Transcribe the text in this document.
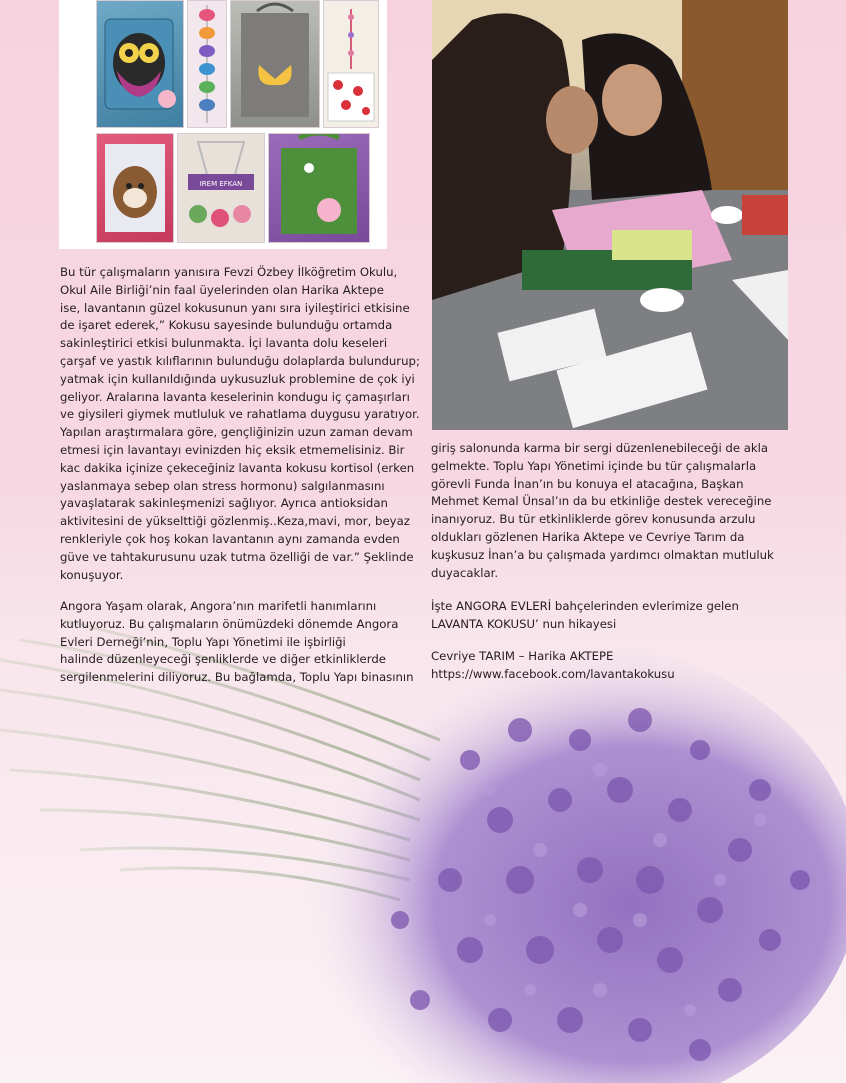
IREM EFKAN

Bu tür çalışmaların yanısıra Fevzi Özbey İlköğretim Okulu,
Okul Aile Birliği’nin faal üyelerinden olan Harika Aktepe
ise, lavantanın güzel kokusunun yanı sıra iyileştirici etkisine
de işaret ederek,” Kokusu sayesinde bulunduğu ortamda
sakinleştirici etkisi bulunmakta. İçi lavanta dolu keseleri
çarşaf ve yastık kılıflarının bulunduğu dolaplarda bulundurup;
yatmak için kullanıldığında uykusuzluk problemine de çok iyi
geliyor. Aralarına lavanta keselerinin kondugu iç çamaşırları
ve giysileri giymek mutluluk ve rahatlama duygusu yaratıyor.
Yapılan araştırmalara göre, gençliğinizin uzun zaman devam
etmesi için lavantayı evinizden hiç eksik etmemelisiniz. Bir
kac dakika içinize çekeceğiniz lavanta kokusu kortisol (erken
yaslanmaya sebep olan stress hormonu) salgılanmasını
yavaşlatarak sakinleşmenizi sağlıyor. Ayrıca antioksidan
aktivitesini de yükselttiği gözlenmiş..Keza,mavi, mor, beyaz
renkleriyle çok hoş kokan lavantanın aynı zamanda evden
güve ve tahtakurusunu uzak tutma özelliği de var.” Şeklinde
konuşuyor.

Angora Yaşam olarak, Angora’nın marifetli hanımlarını
kutluyoruz. Bu çalışmaların önümüzdeki dönemde Angora
Evleri Derneği’nin, Toplu Yapı Yönetimi ile işbirliği
halinde düzenleyeceği şenliklerde ve diğer etkinliklerde
sergilenmelerini diliyoruz. Bu bağlamda, Toplu Yapı binasının

giriş salonunda karma bir sergi düzenlenebileceği de akla
gelmekte. Toplu Yapı Yönetimi içinde bu tür çalışmalarla
görevli Funda İnan’ın bu konuya el atacağına, Başkan
Mehmet Kemal Ünsal’ın da bu etkinliğe destek vereceğine
inanıyoruz. Bu tür etkinliklerde görev konusunda arzulu
oldukları gözlenen Harika Aktepe ve Cevriye Tarım da
kuşkusuz İnan’a bu çalışmada yardımcı olmaktan mutluluk
duyacaklar.

İşte ANGORA EVLERİ bahçelerinden evlerimize gelen
LAVANTA KOKUSU’ nun hikayesi

Cevriye TARIM – Harika AKTEPE
https://www.facebook.com/lavantakokusu
